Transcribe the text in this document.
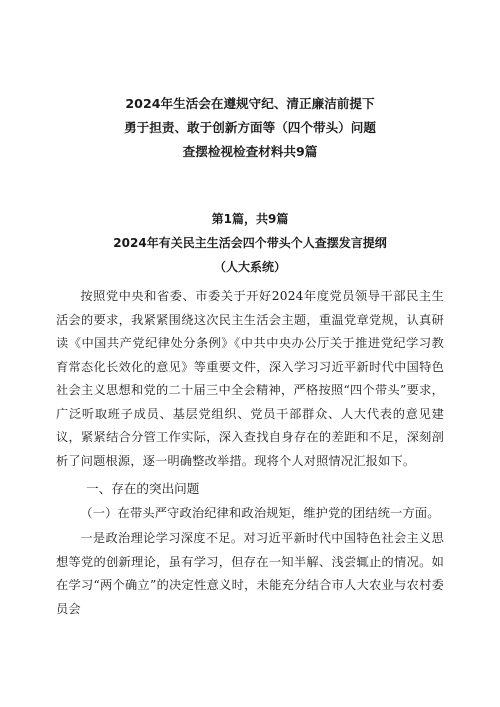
2024年生活会在遵规守纪、清正廉洁前提下
勇于担责、敢于创新方面等（四个带头）问题
查摆检视检查材料共9篇
第1篇，共9篇
2024年有关民主生活会四个带头个人查摆发言提纲
（人大系统）
按照党中央和省委、市委关于开好2024年度党员领导干部民主生活会的要求，我紧紧围绕这次民主生活会主题，重温党章党规，认真研读《中国共产党纪律处分条例》《中共中央办公厅关于推进党纪学习教育常态化长效化的意见》等重要文件，深入学习习近平新时代中国特色社会主义思想和党的二十届三中全会精神，严格按照“四个带头”要求，广泛听取班子成员、基层党组织、党员干部群众、人大代表的意见建议，紧紧结合分管工作实际，深入查找自身存在的差距和不足，深刻剖析了问题根源，逐一明确整改举措。现将个人对照情况汇报如下。
一、存在的突出问题
（一）在带头严守政治纪律和政治规矩，维护党的团结统一方面。
一是政治理论学习深度不足。对习近平新时代中国特色社会主义思想等党的创新理论，虽有学习，但存在一知半解、浅尝辄止的情况。如在学习“两个确立”的决定性意义时，未能充分结合市人大农业与农村委员会
